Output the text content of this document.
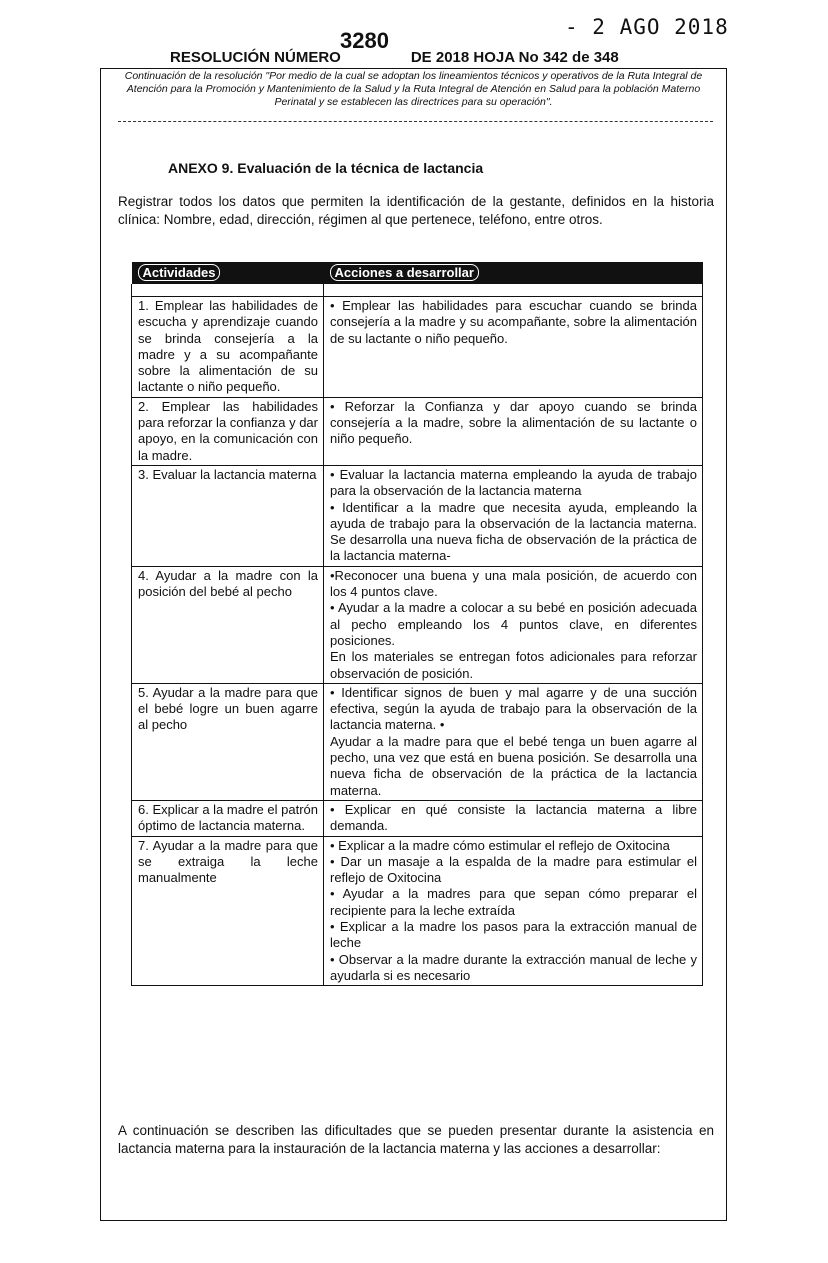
- 2 AGO 2018
RESOLUCIÓN NÚMERO	DE 2018 HOJA No 342 de 348
3280
Continuación de la resolución "Por medio de la cual se adoptan los lineamientos técnicos y operativos de la Ruta Integral de Atención para la Promoción y Mantenimiento de la Salud y la Ruta Integral de Atención en Salud para la población Materno Perinatal y se establecen las directrices para su operación".
ANEXO 9. Evaluación de la técnica de lactancia
Registrar todos los datos que permiten la identificación de la gestante, definidos en la historia clínica: Nombre, edad, dirección, régimen al que pertenece, teléfono, entre otros.
Actividades	Acciones a desarrollar

1. Emplear las habilidades de escucha y aprendizaje cuando se brinda consejería a la madre y a su acompañante sobre la alimentación de su lactante o niño pequeño.	• Emplear las habilidades para escuchar cuando se brinda consejería a la madre y su acompañante, sobre la alimentación de su lactante o niño pequeño.

2. Emplear las habilidades para reforzar la confianza y dar apoyo, en la comunicación con la madre.	• Reforzar la Confianza y dar apoyo cuando se brinda consejería a la madre, sobre la alimentación de su lactante o niño pequeño.

3. Evaluar la lactancia materna	• Evaluar la lactancia materna empleando la ayuda de trabajo para la observación de la lactancia materna
• Identificar a la madre que necesita ayuda, empleando la ayuda de trabajo para la observación de la lactancia materna. Se desarrolla una nueva ficha de observación de la práctica de la lactancia materna-

4. Ayudar a la madre con la posición del bebé al pecho	•Reconocer una buena y una mala posición, de acuerdo con los 4 puntos clave.
• Ayudar a la madre a colocar a su bebé en posición adecuada al pecho empleando los 4 puntos clave, en diferentes posiciones.
En los materiales se entregan fotos adicionales para reforzar observación de posición.

5. Ayudar a la madre para que el bebé logre un buen agarre al pecho	• Identificar signos de buen y mal agarre y de una succión efectiva, según la ayuda de trabajo para la observación de la lactancia materna. •
Ayudar a la madre para que el bebé tenga un buen agarre al pecho, una vez que está en buena posición. Se desarrolla una nueva ficha de observación de la práctica de la lactancia materna.

6. Explicar a la madre el patrón óptimo de lactancia materna.	• Explicar en qué consiste la lactancia materna a libre demanda.

7. Ayudar a la madre para que se extraiga la leche manualmente	• Explicar a la madre cómo estimular el reflejo de Oxitocina
• Dar un masaje a la espalda de la madre para estimular el reflejo de Oxitocina
• Ayudar a la madres para que sepan cómo preparar el recipiente para la leche extraída
• Explicar a la madre los pasos para la extracción manual de leche
• Observar a la madre durante la extracción manual de leche y ayudarla si es necesario
A continuación se describen las dificultades que se pueden presentar durante la asistencia en lactancia materna para la instauración de la lactancia materna y las acciones a desarrollar:
